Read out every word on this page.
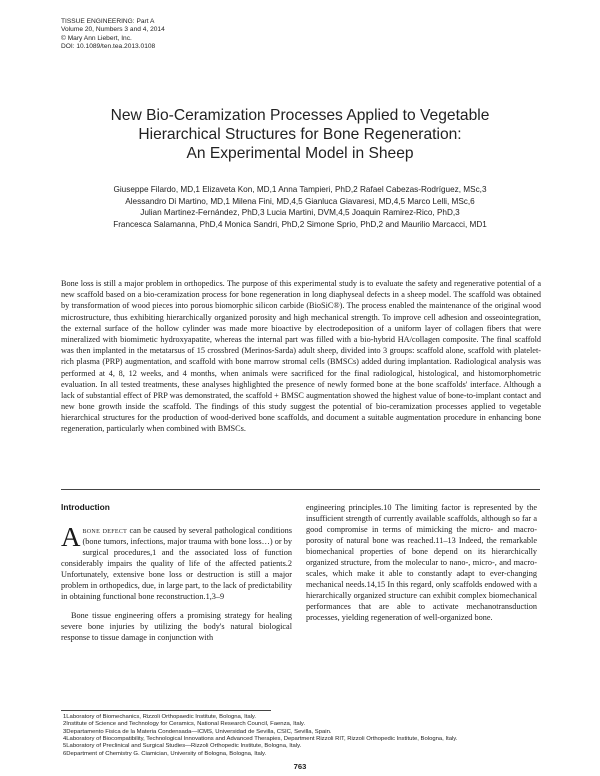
TISSUE ENGINEERING: Part A
Volume 20, Numbers 3 and 4, 2014
© Mary Ann Liebert, Inc.
DOI: 10.1089/ten.tea.2013.0108
New Bio-Ceramization Processes Applied to Vegetable
Hierarchical Structures for Bone Regeneration:
An Experimental Model in Sheep
Giuseppe Filardo, MD,1 Elizaveta Kon, MD,1 Anna Tampieri, PhD,2 Rafael Cabezas-Rodríguez, MSc,3
Alessandro Di Martino, MD,1 Milena Fini, MD,4,5 Gianluca Giavaresi, MD,4,5 Marco Lelli, MSc,6
Julian Martinez-Fernández, PhD,3 Lucia Martini, DVM,4,5 Joaquin Ramirez-Rico, PhD,3
Francesca Salamanna, PhD,4 Monica Sandri, PhD,2 Simone Sprio, PhD,2 and Maurilio Marcacci, MD1
Bone loss is still a major problem in orthopedics. The purpose of this experimental study is to evaluate the safety and regenerative potential of a new scaffold based on a bio-ceramization process for bone regeneration in long diaphyseal defects in a sheep model. The scaffold was obtained by transformation of wood pieces into porous biomorphic silicon carbide (BioSiC®). The process enabled the maintenance of the original wood microstructure, thus exhibiting hierarchically organized porosity and high mechanical strength. To improve cell adhesion and osseointegration, the external surface of the hollow cylinder was made more bioactive by electrodeposition of a uniform layer of collagen fibers that were mineralized with biomimetic hydroxyapatite, whereas the internal part was filled with a bio-hybrid HA/collagen composite. The final scaffold was then implanted in the metatarsus of 15 crossbred (Merinos-Sarda) adult sheep, divided into 3 groups: scaffold alone, scaffold with platelet-rich plasma (PRP) augmentation, and scaffold with bone marrow stromal cells (BMSCs) added during implantation. Radiological analysis was performed at 4, 8, 12 weeks, and 4 months, when animals were sacrificed for the final radiological, histological, and histomorphometric evaluation. In all tested treatments, these analyses highlighted the presence of newly formed bone at the bone scaffolds' interface. Although a lack of substantial effect of PRP was demonstrated, the scaffold + BMSC augmentation showed the highest value of bone-to-implant contact and new bone growth inside the scaffold. The findings of this study suggest the potential of bio-ceramization processes applied to vegetable hierarchical structures for the production of wood-derived bone scaffolds, and document a suitable augmentation procedure in enhancing bone regeneration, particularly when combined with BMSCs.
Introduction

Abone defect can be caused by several pathological conditions (bone tumors, infections, major trauma with bone loss…) or by surgical procedures,1 and the associated loss of function considerably impairs the quality of life of the affected patients.2 Unfortunately, extensive bone loss or destruction is still a major problem in orthopedics, due, in large part, to the lack of predictability in obtaining functional bone reconstruction.1,3–9

Bone tissue engineering offers a promising strategy for healing severe bone injuries by utilizing the body's natural biological response to tissue damage in conjunction with

engineering principles.10 The limiting factor is represented by the insufficient strength of currently available scaffolds, although so far a good compromise in terms of mimicking the micro- and macro-porosity of natural bone was reached.11–13 Indeed, the remarkable biomechanical properties of bone depend on its hierarchically organized structure, from the molecular to nano-, micro-, and macro-scales, which make it able to constantly adapt to ever-changing mechanical needs.14,15 In this regard, only scaffolds endowed with a hierarchically organized structure can exhibit complex biomechanical performances that are able to activate mechanotransduction processes, yielding regeneration of well-organized bone.

1Laboratory of Biomechanics, Rizzoli Orthopaedic Institute, Bologna, Italy.
2Institute of Science and Technology for Ceramics, National Research Council, Faenza, Italy.
3Departamento Fisica de la Materia Condensada—ICMS, Universidad de Sevilla, CSIC, Sevilla, Spain.
4Laboratory of Biocompatibility, Technological Innovations and Advanced Therapies, Department Rizzoli RIT, Rizzoli Orthopedic Institute, Bologna, Italy.
5Laboratory of Preclinical and Surgical Studies—Rizzoli Orthopedic Institute, Bologna, Italy.
6Department of Chemistry G. Ciamician, University of Bologna, Bologna, Italy.
763
